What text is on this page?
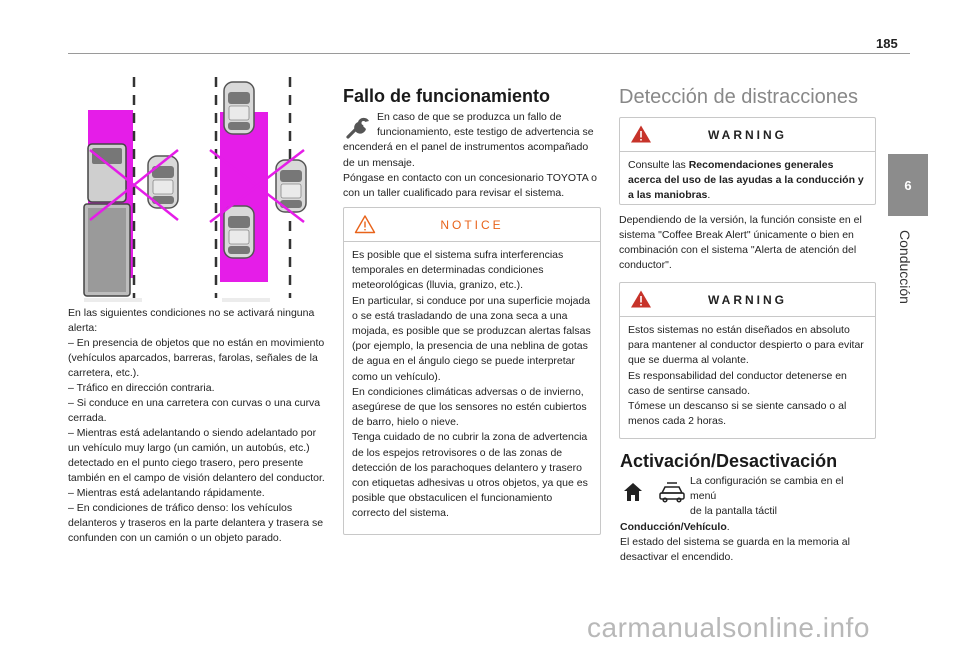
185
6
Conducción

En las siguientes condiciones no se activará ninguna alerta:

– En presencia de objetos que no están en movimiento (vehículos aparcados, barreras, farolas, señales de la carretera, etc.).

– Tráfico en dirección contraria.

– Si conduce en una carretera con curvas o una curva cerrada.

– Mientras está adelantando o siendo adelantado por un vehículo muy largo (un camión, un autobús, etc.) detectado en el punto ciego trasero, pero presente también en el campo de visión delantero del conductor.

– Mientras está adelantando rápidamente.

– En condiciones de tráfico denso: los vehículos delanteros y traseros en la parte delantera y trasera se confunden con un camión o un objeto parado.

Fallo de funcionamiento
En caso de que se produzca un fallo de
funcionamiento, este testigo de advertencia se
encenderá en el panel de instrumentos acompañado de un mensaje.
Póngase en contacto con un concesionario TOYOTA o con un taller cualificado para revisar el sistema.
NOTICE
Es posible que el sistema sufra interferencias temporales en determinadas condiciones meteorológicas (lluvia, granizo, etc.).
En particular, si conduce por una superficie mojada o se está trasladando de una zona seca a una mojada, es posible que se produzcan alertas falsas (por ejemplo, la presencia de una neblina de gotas de agua en el ángulo ciego se puede interpretar como un vehículo).
En condiciones climáticas adversas o de invierno, asegúrese de que los sensores no estén cubiertos de barro, hielo o nieve.
Tenga cuidado de no cubrir la zona de advertencia de los espejos retrovisores o de las zonas de detección de los parachoques delantero y trasero con etiquetas adhesivas u otros objetos, ya que es posible que obstaculicen el funcionamiento correcto del sistema.
Detección de distracciones
WARNING
Consulte las Recomendaciones generales acerca del uso de las ayudas a la conducción y a las maniobras.
Dependiendo de la versión, la función consiste en el sistema "Coffee Break Alert" únicamente o bien en combinación con el sistema "Alerta de atención del conductor".
WARNING
Estos sistemas no están diseñados en absoluto para mantener al conductor despierto o para evitar que se duerma al volante.
Es responsabilidad del conductor detenerse en caso de sentirse cansado.
Tómese un descanso si se siente cansado o al menos cada 2 horas.
Activación/Desactivación
La configuración se cambia en el menú
de la pantalla táctil
Conducción/Vehículo.
El estado del sistema se guarda en la memoria al desactivar el encendido.
carmanualsonline.info
